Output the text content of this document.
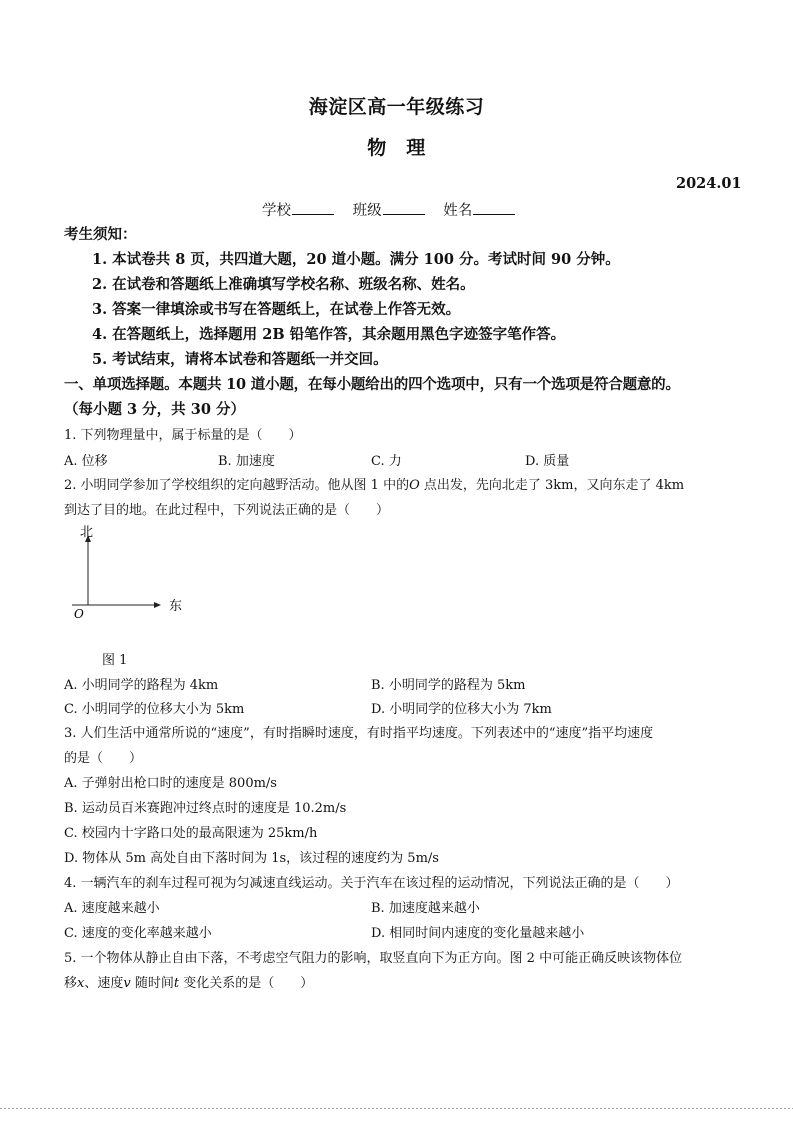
海淀区高一年级练习
物　理
2024.01
学校	班级	姓名
考生须知：
1. 本试卷共 8 页，共四道大题，20 道小题。满分 100 分。考试时间 90 分钟。
2. 在试卷和答题纸上准确填写学校名称、班级名称、姓名。
3. 答案一律填涂或书写在答题纸上，在试卷上作答无效。
4. 在答题纸上，选择题用 2B 铅笔作答，其余题用黑色字迹签字笔作答。
5. 考试结束，请将本试卷和答题纸一并交回。
一、单项选择题。本题共 10 道小题，在每小题给出的四个选项中，只有一个选项是符合题意的。
（每小题 3 分，共 30 分）
1. 下列物理量中，属于标量的是（　　）
A. 位移	B. 加速度	C. 力	D. 质量
2. 小明同学参加了学校组织的定向越野活动。他从图 1 中的O 点出发，先向北走了 3km，又向东走了 4km
到达了目的地。在此过程中，下列说法正确的是（　　）
北
东
O
图 1
A. 小明同学的路程为 4km	B. 小明同学的路程为 5km
C. 小明同学的位移大小为 5km	D. 小明同学的位移大小为 7km
3. 人们生活中通常所说的“速度”，有时指瞬时速度，有时指平均速度。下列表述中的“速度”指平均速度
的是（　　）
A. 子弹射出枪口时的速度是 800m/s
B. 运动员百米赛跑冲过终点时的速度是 10.2m/s
C. 校园内十字路口处的最高限速为 25km/h
D. 物体从 5m 高处自由下落时间为 1s，该过程的速度约为 5m/s
4. 一辆汽车的刹车过程可视为匀减速直线运动。关于汽车在该过程的运动情况，下列说法正确的是（　　）
A. 速度越来越小	B. 加速度越来越小
C. 速度的变化率越来越小	D. 相同时间内速度的变化量越来越小
5. 一个物体从静止自由下落，不考虑空气阻力的影响，取竖直向下为正方向。图 2 中可能正确反映该物体位
移x、速度v 随时间t 变化关系的是（　　）
